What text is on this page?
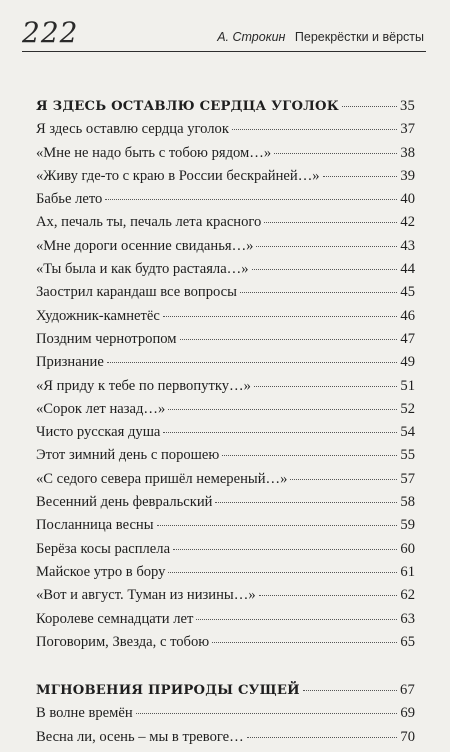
222	А. Строкин Перекрёстки и вёрсты
Я ЗДЕСЬ ОСТАВЛЮ СЕРДЦА УГОЛОК	35
Я здесь оставлю сердца уголок	37
«Мне не надо быть с тобою рядом…»	38
«Живу где-то с краю в России бескрайней…»	39
Бабье лето	40
Ах, печаль ты, печаль лета красного	42
«Мне дороги осенние свиданья…»	43
«Ты была и как будто растаяла…»	44
Заострил карандаш все вопросы	45
Художник-камнетёс	46
Поздним чернотропом	47
Признание	49
«Я приду к тебе по первопутку…»	51
«Сорок лет назад…»	52
Чисто русская душа	54
Этот зимний день с порошею	55
«С седого севера пришёл немереный…»	57
Весенний день февральский	58
Посланница весны	59
Берёза косы расплела	60
Майское утро в бору	61
«Вот и август. Туман из низины…»	62
Королеве семнадцати лет	63
Поговорим, Звезда, с тобою	65
МГНОВЕНИЯ ПРИРОДЫ СУЩЕЙ	67
В волне времён	69
Весна ли, осень – мы в тревоге…	70
